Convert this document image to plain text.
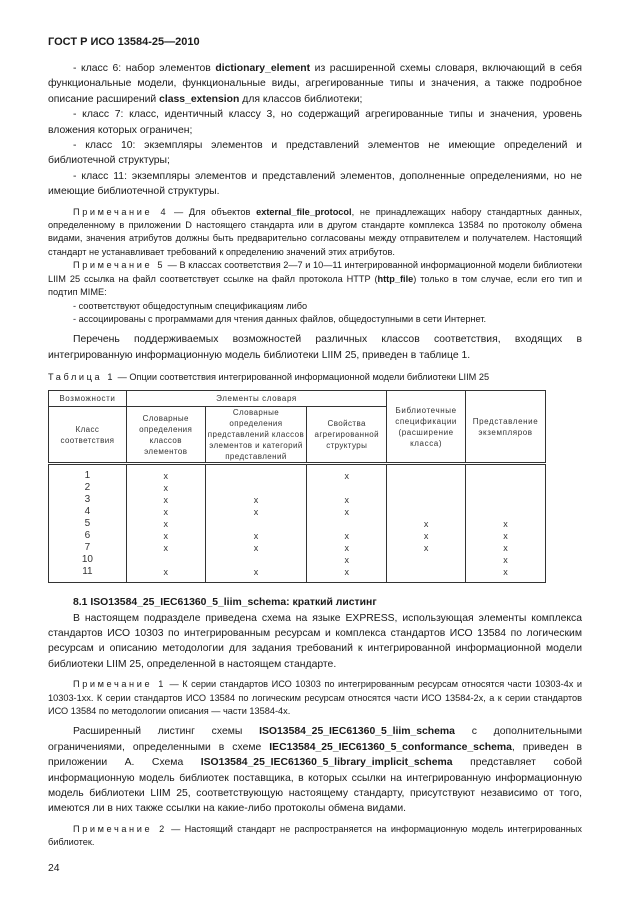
ГОСТ Р ИСО 13584-25—2010

- класс 6: набор элементов dictionary_element из расширенной схемы словаря, включающий в себя функциональные модели, функциональные виды, агрегированные типы и значения, а также подробное описание расширений class_extension для классов библиотеки;

- класс 7: класс, идентичный классу 3, но содержащий агрегированные типы и значения, уровень вложения которых ограничен;

- класс 10: экземпляры элементов и представлений элементов не имеющие определений и библиотечной структуры;

- класс 11: экземпляры элементов и представлений элементов, дополненные определениями, но не имеющие библиотечной структуры.

Примечание 4 — Для объектов external_file_protocol, не принадлежащих набору стандартных данных, определенному в приложении D настоящего стандарта или в другом стандарте комплекса 13584 по протоколу обмена видами, значения атрибутов должны быть предварительно согласованы между отправителем и получателем. Настоящий стандарт не устанавливает требований к определению значений этих атрибутов.

Примечание 5 — В классах соответствия 2—7 и 10—11 интегрированной информационной модели библиотеки LIIM 25 ссылка на файл соответствует ссылке на файл протокола HTTP (http_file) только в том случае, если его тип и подтип MIME:

- соответствуют общедоступным спецификациям либо

- ассоциированы с программами для чтения данных файлов, общедоступными в сети Интернет.

Перечень поддерживаемых возможностей различных классов соответствия, входящих в интегрированную информационную модель библиотеки LIIM 25, приведен в таблице 1.

Таблица 1 — Опции соответствия интегрированной информационной модели библиотеки LIIM 25
Возможности	Элементы словаря			Библиотечные спецификации (расширение класса)	Представление экземпляров
Класс соответствия	Словарные определения классов элементов	Словарные определения представлений классов элементов и категорий представлений	Свойства агрегированной структуры		
1	x		x		
2	x				
3	x	x	x		
4	x	x	x		
5	x			x	x
6	x	x	x	x	x
7	x	x	x	x	x
10			x		x
11	x	x	x		x

8.1 ISO13584_25_IEC61360_5_liim_schema: краткий листинг

В настоящем подразделе приведена схема на языке EXPRESS, использующая элементы комплекса стандартов ИСО 10303 по интегрированным ресурсам и комплекса стандартов ИСО 13584 по логическим ресурсам и описанию методологии для задания требований к интегрированной информационной модели библиотеки LIIM 25, определенной в настоящем стандарте.

Примечание 1 — К серии стандартов ИСО 10303 по интегрированным ресурсам относятся части 10303-4х и 10303-1хх. К серии стандартов ИСО 13584 по логическим ресурсам относятся части ИСО 13584-2х, а к серии стандартов ИСО 13584 по методологии описания — части 13584-4х.

Расширенный листинг схемы ISO13584_25_IEC61360_5_liim_schema с дополнительными ограничениями, определенными в схеме IEC13584_25_IEC61360_5_conformance_schema, приведен в приложении А. Схема ISO13584_25_IEC61360_5_library_implicit_schema представляет собой информационную модель библиотек поставщика, в которых ссылки на интегрированную информационную модель библиотеки LIIM 25, соответствующую настоящему стандарту, присутствуют независимо от того, имеются ли в них также ссылки на какие-либо протоколы обмена видами.

Примечание 2 — Настоящий стандарт не распространяется на информационную модель интегрированных библиотек.

24
